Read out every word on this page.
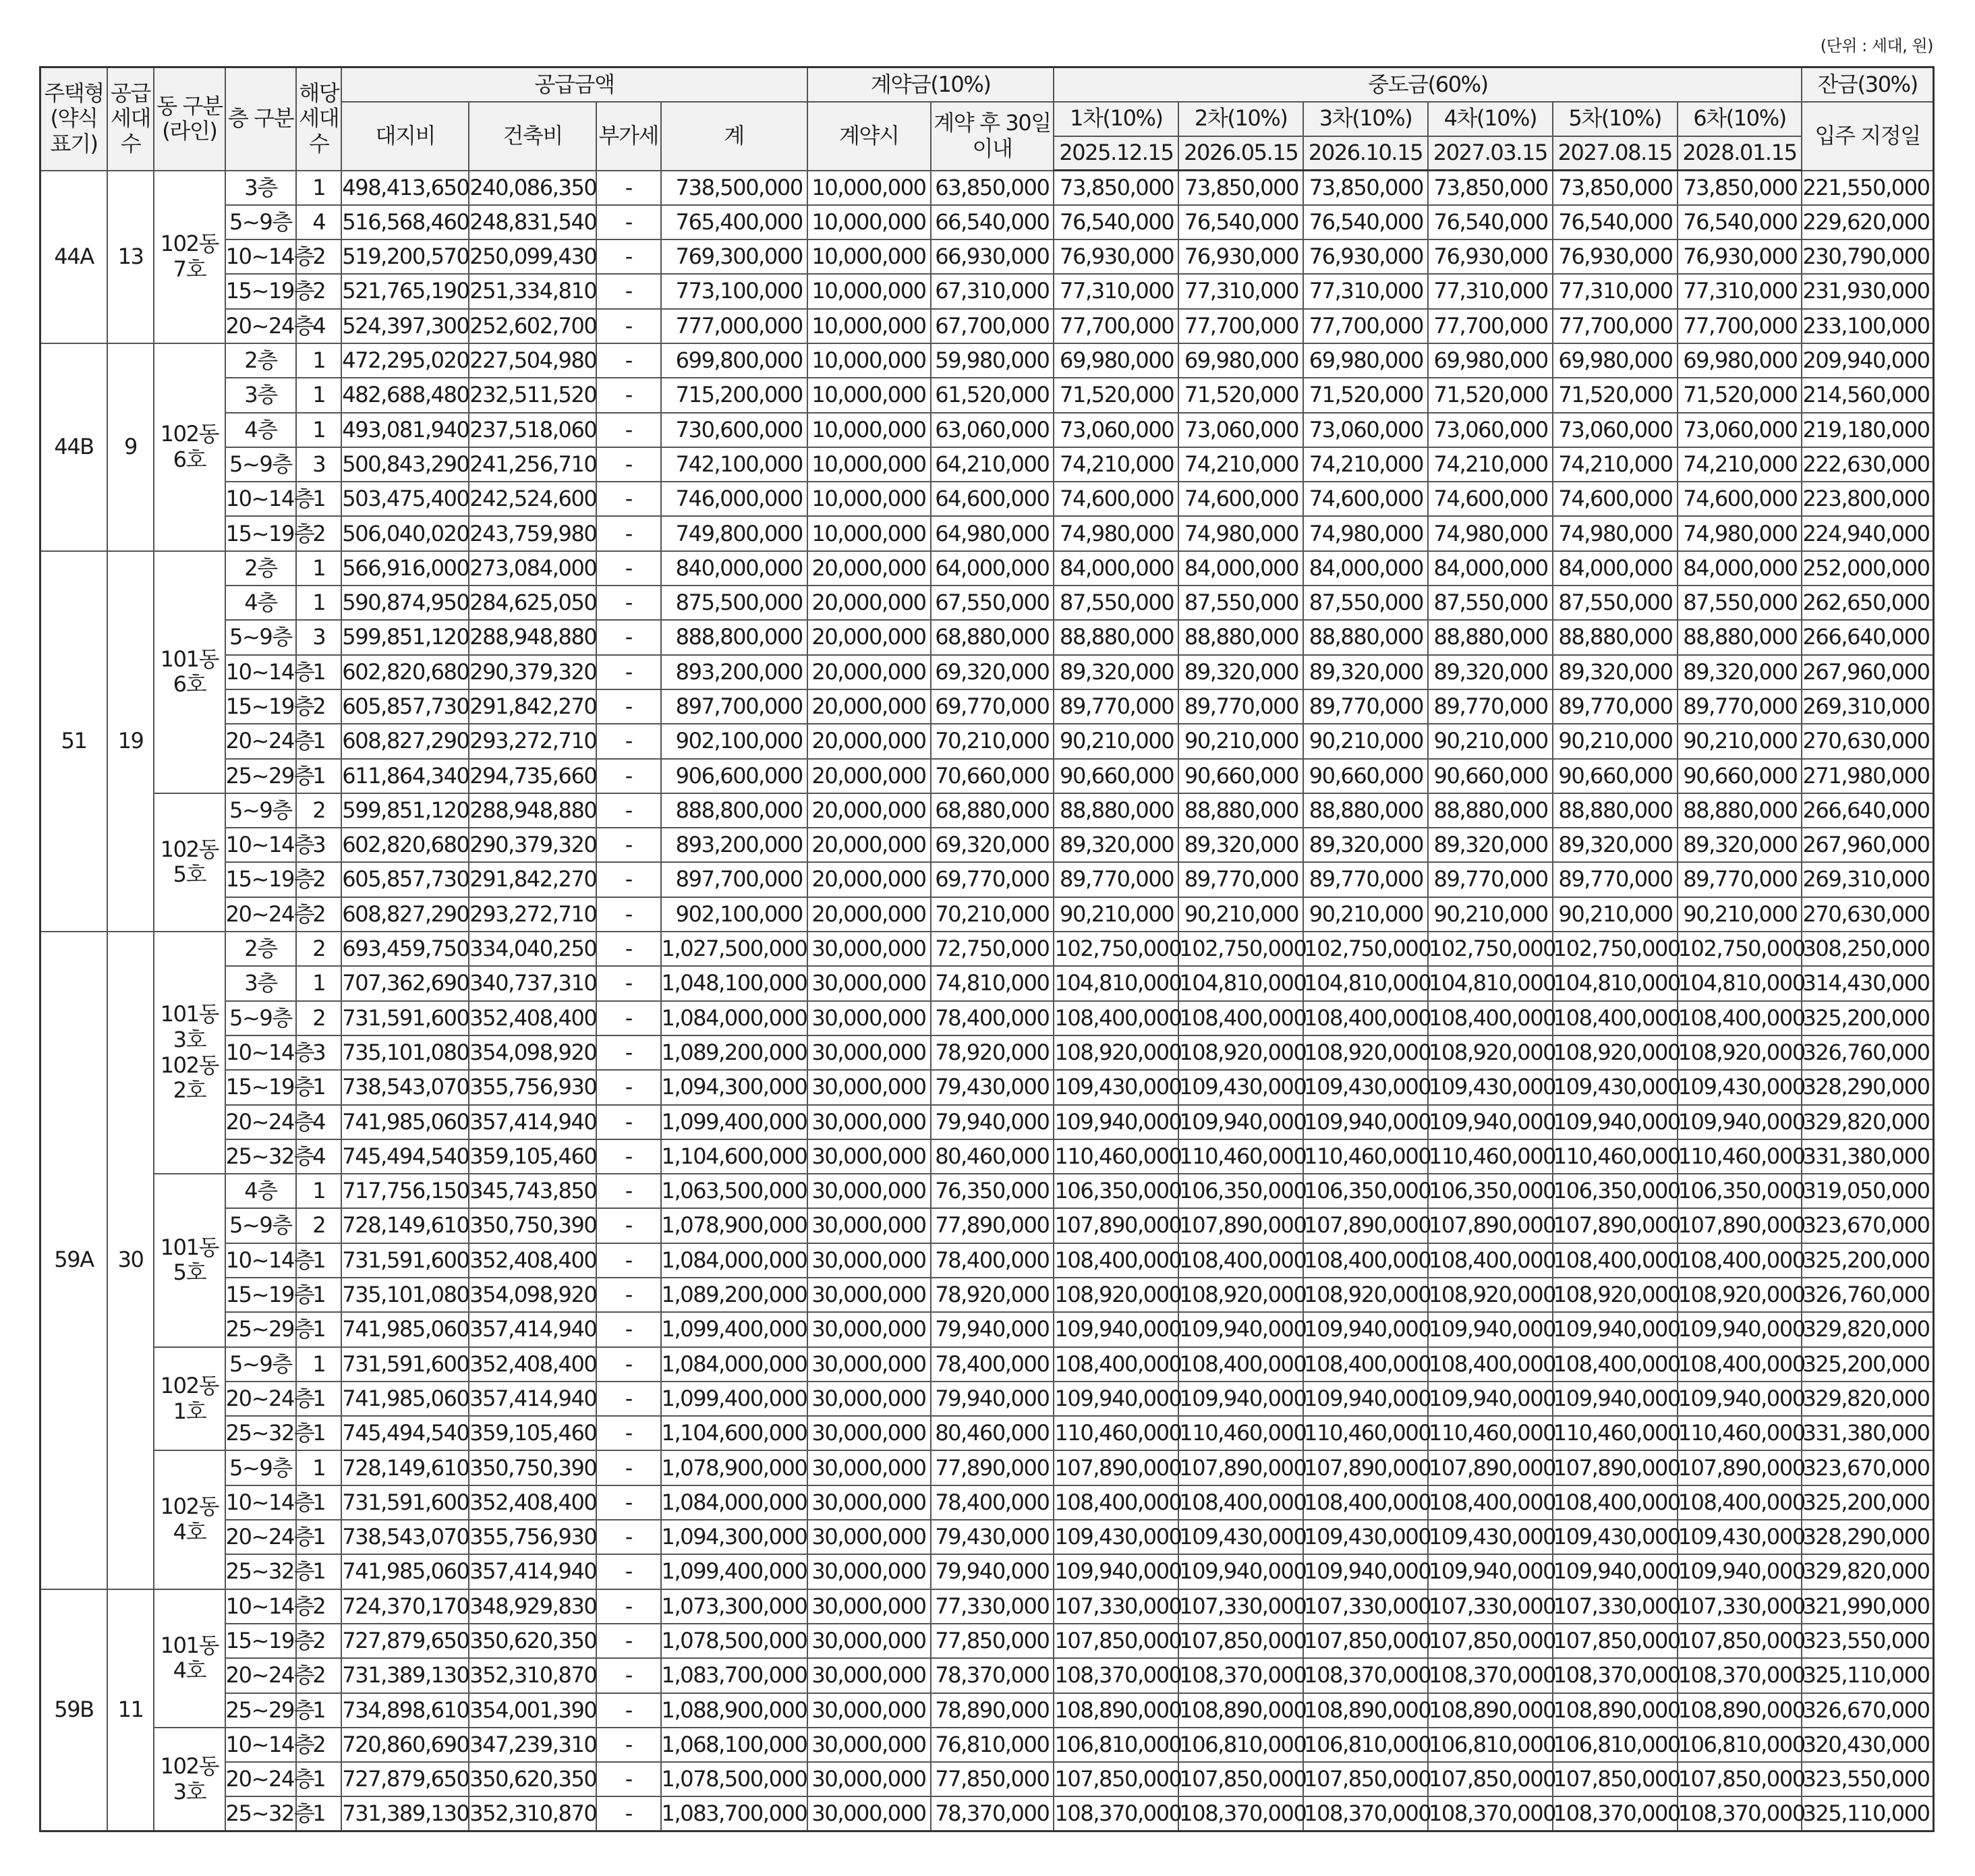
(단위 : 세대, 원)
주택형 (약식 표기)	공급 세대 수	동 구분 (라인)	층 구분	해당 세대 수	공급금액				계약금(10%)		중도금(60%)						잔금(30%)
					대지비	건축비	부가세	계	계약시	계약 후 30일 이내	1차(10%)	2차(10%)	3차(10%)	4차(10%)	5차(10%)	6차(10%)	입주 지정일
											2025.12.15	2026.05.15	2026.10.15	2027.03.15	2027.08.15	2028.01.15	
44A	13	102동 7호	3층	1	498,413,650	240,086,350	-	738,500,000	10,000,000	63,850,000	73,850,000	73,850,000	73,850,000	73,850,000	73,850,000	73,850,000	221,550,000
			5~9층	4	516,568,460	248,831,540	-	765,400,000	10,000,000	66,540,000	76,540,000	76,540,000	76,540,000	76,540,000	76,540,000	76,540,000	229,620,000
			10~14층	2	519,200,570	250,099,430	-	769,300,000	10,000,000	66,930,000	76,930,000	76,930,000	76,930,000	76,930,000	76,930,000	76,930,000	230,790,000
			15~19층	2	521,765,190	251,334,810	-	773,100,000	10,000,000	67,310,000	77,310,000	77,310,000	77,310,000	77,310,000	77,310,000	77,310,000	231,930,000
			20~24층	4	524,397,300	252,602,700	-	777,000,000	10,000,000	67,700,000	77,700,000	77,700,000	77,700,000	77,700,000	77,700,000	77,700,000	233,100,000
44B	9	102동 6호	2층	1	472,295,020	227,504,980	-	699,800,000	10,000,000	59,980,000	69,980,000	69,980,000	69,980,000	69,980,000	69,980,000	69,980,000	209,940,000
			3층	1	482,688,480	232,511,520	-	715,200,000	10,000,000	61,520,000	71,520,000	71,520,000	71,520,000	71,520,000	71,520,000	71,520,000	214,560,000
			4층	1	493,081,940	237,518,060	-	730,600,000	10,000,000	63,060,000	73,060,000	73,060,000	73,060,000	73,060,000	73,060,000	73,060,000	219,180,000
			5~9층	3	500,843,290	241,256,710	-	742,100,000	10,000,000	64,210,000	74,210,000	74,210,000	74,210,000	74,210,000	74,210,000	74,210,000	222,630,000
			10~14층	1	503,475,400	242,524,600	-	746,000,000	10,000,000	64,600,000	74,600,000	74,600,000	74,600,000	74,600,000	74,600,000	74,600,000	223,800,000
			15~19층	2	506,040,020	243,759,980	-	749,800,000	10,000,000	64,980,000	74,980,000	74,980,000	74,980,000	74,980,000	74,980,000	74,980,000	224,940,000
51	19	101동 6호	2층	1	566,916,000	273,084,000	-	840,000,000	20,000,000	64,000,000	84,000,000	84,000,000	84,000,000	84,000,000	84,000,000	84,000,000	252,000,000
			4층	1	590,874,950	284,625,050	-	875,500,000	20,000,000	67,550,000	87,550,000	87,550,000	87,550,000	87,550,000	87,550,000	87,550,000	262,650,000
			5~9층	3	599,851,120	288,948,880	-	888,800,000	20,000,000	68,880,000	88,880,000	88,880,000	88,880,000	88,880,000	88,880,000	88,880,000	266,640,000
			10~14층	1	602,820,680	290,379,320	-	893,200,000	20,000,000	69,320,000	89,320,000	89,320,000	89,320,000	89,320,000	89,320,000	89,320,000	267,960,000
			15~19층	2	605,857,730	291,842,270	-	897,700,000	20,000,000	69,770,000	89,770,000	89,770,000	89,770,000	89,770,000	89,770,000	89,770,000	269,310,000
			20~24층	1	608,827,290	293,272,710	-	902,100,000	20,000,000	70,210,000	90,210,000	90,210,000	90,210,000	90,210,000	90,210,000	90,210,000	270,630,000
			25~29층	1	611,864,340	294,735,660	-	906,600,000	20,000,000	70,660,000	90,660,000	90,660,000	90,660,000	90,660,000	90,660,000	90,660,000	271,980,000
		102동 5호	5~9층	2	599,851,120	288,948,880	-	888,800,000	20,000,000	68,880,000	88,880,000	88,880,000	88,880,000	88,880,000	88,880,000	88,880,000	266,640,000
			10~14층	3	602,820,680	290,379,320	-	893,200,000	20,000,000	69,320,000	89,320,000	89,320,000	89,320,000	89,320,000	89,320,000	89,320,000	267,960,000
			15~19층	2	605,857,730	291,842,270	-	897,700,000	20,000,000	69,770,000	89,770,000	89,770,000	89,770,000	89,770,000	89,770,000	89,770,000	269,310,000
			20~24층	2	608,827,290	293,272,710	-	902,100,000	20,000,000	70,210,000	90,210,000	90,210,000	90,210,000	90,210,000	90,210,000	90,210,000	270,630,000
59A	30	101동 3호 102동 2호	2층	2	693,459,750	334,040,250	-	1,027,500,000	30,000,000	72,750,000	102,750,000	102,750,000	102,750,000	102,750,000	102,750,000	102,750,000	308,250,000
			3층	1	707,362,690	340,737,310	-	1,048,100,000	30,000,000	74,810,000	104,810,000	104,810,000	104,810,000	104,810,000	104,810,000	104,810,000	314,430,000
			5~9층	2	731,591,600	352,408,400	-	1,084,000,000	30,000,000	78,400,000	108,400,000	108,400,000	108,400,000	108,400,000	108,400,000	108,400,000	325,200,000
			10~14층	3	735,101,080	354,098,920	-	1,089,200,000	30,000,000	78,920,000	108,920,000	108,920,000	108,920,000	108,920,000	108,920,000	108,920,000	326,760,000
			15~19층	1	738,543,070	355,756,930	-	1,094,300,000	30,000,000	79,430,000	109,430,000	109,430,000	109,430,000	109,430,000	109,430,000	109,430,000	328,290,000
			20~24층	4	741,985,060	357,414,940	-	1,099,400,000	30,000,000	79,940,000	109,940,000	109,940,000	109,940,000	109,940,000	109,940,000	109,940,000	329,820,000
			25~32층	4	745,494,540	359,105,460	-	1,104,600,000	30,000,000	80,460,000	110,460,000	110,460,000	110,460,000	110,460,000	110,460,000	110,460,000	331,380,000
		101동 5호	4층	1	717,756,150	345,743,850	-	1,063,500,000	30,000,000	76,350,000	106,350,000	106,350,000	106,350,000	106,350,000	106,350,000	106,350,000	319,050,000
			5~9층	2	728,149,610	350,750,390	-	1,078,900,000	30,000,000	77,890,000	107,890,000	107,890,000	107,890,000	107,890,000	107,890,000	107,890,000	323,670,000
			10~14층	1	731,591,600	352,408,400	-	1,084,000,000	30,000,000	78,400,000	108,400,000	108,400,000	108,400,000	108,400,000	108,400,000	108,400,000	325,200,000
			15~19층	1	735,101,080	354,098,920	-	1,089,200,000	30,000,000	78,920,000	108,920,000	108,920,000	108,920,000	108,920,000	108,920,000	108,920,000	326,760,000
			25~29층	1	741,985,060	357,414,940	-	1,099,400,000	30,000,000	79,940,000	109,940,000	109,940,000	109,940,000	109,940,000	109,940,000	109,940,000	329,820,000
		102동 1호	5~9층	1	731,591,600	352,408,400	-	1,084,000,000	30,000,000	78,400,000	108,400,000	108,400,000	108,400,000	108,400,000	108,400,000	108,400,000	325,200,000
			20~24층	1	741,985,060	357,414,940	-	1,099,400,000	30,000,000	79,940,000	109,940,000	109,940,000	109,940,000	109,940,000	109,940,000	109,940,000	329,820,000
			25~32층	1	745,494,540	359,105,460	-	1,104,600,000	30,000,000	80,460,000	110,460,000	110,460,000	110,460,000	110,460,000	110,460,000	110,460,000	331,380,000
		102동 4호	5~9층	1	728,149,610	350,750,390	-	1,078,900,000	30,000,000	77,890,000	107,890,000	107,890,000	107,890,000	107,890,000	107,890,000	107,890,000	323,670,000
			10~14층	1	731,591,600	352,408,400	-	1,084,000,000	30,000,000	78,400,000	108,400,000	108,400,000	108,400,000	108,400,000	108,400,000	108,400,000	325,200,000
			20~24층	1	738,543,070	355,756,930	-	1,094,300,000	30,000,000	79,430,000	109,430,000	109,430,000	109,430,000	109,430,000	109,430,000	109,430,000	328,290,000
			25~32층	1	741,985,060	357,414,940	-	1,099,400,000	30,000,000	79,940,000	109,940,000	109,940,000	109,940,000	109,940,000	109,940,000	109,940,000	329,820,000
59B	11	101동 4호	10~14층	2	724,370,170	348,929,830	-	1,073,300,000	30,000,000	77,330,000	107,330,000	107,330,000	107,330,000	107,330,000	107,330,000	107,330,000	321,990,000
			15~19층	2	727,879,650	350,620,350	-	1,078,500,000	30,000,000	77,850,000	107,850,000	107,850,000	107,850,000	107,850,000	107,850,000	107,850,000	323,550,000
			20~24층	2	731,389,130	352,310,870	-	1,083,700,000	30,000,000	78,370,000	108,370,000	108,370,000	108,370,000	108,370,000	108,370,000	108,370,000	325,110,000
			25~29층	1	734,898,610	354,001,390	-	1,088,900,000	30,000,000	78,890,000	108,890,000	108,890,000	108,890,000	108,890,000	108,890,000	108,890,000	326,670,000
		102동 3호	10~14층	2	720,860,690	347,239,310	-	1,068,100,000	30,000,000	76,810,000	106,810,000	106,810,000	106,810,000	106,810,000	106,810,000	106,810,000	320,430,000
			20~24층	1	727,879,650	350,620,350	-	1,078,500,000	30,000,000	77,850,000	107,850,000	107,850,000	107,850,000	107,850,000	107,850,000	107,850,000	323,550,000
			25~32층	1	731,389,130	352,310,870	-	1,083,700,000	30,000,000	78,370,000	108,370,000	108,370,000	108,370,000	108,370,000	108,370,000	108,370,000	325,110,000
